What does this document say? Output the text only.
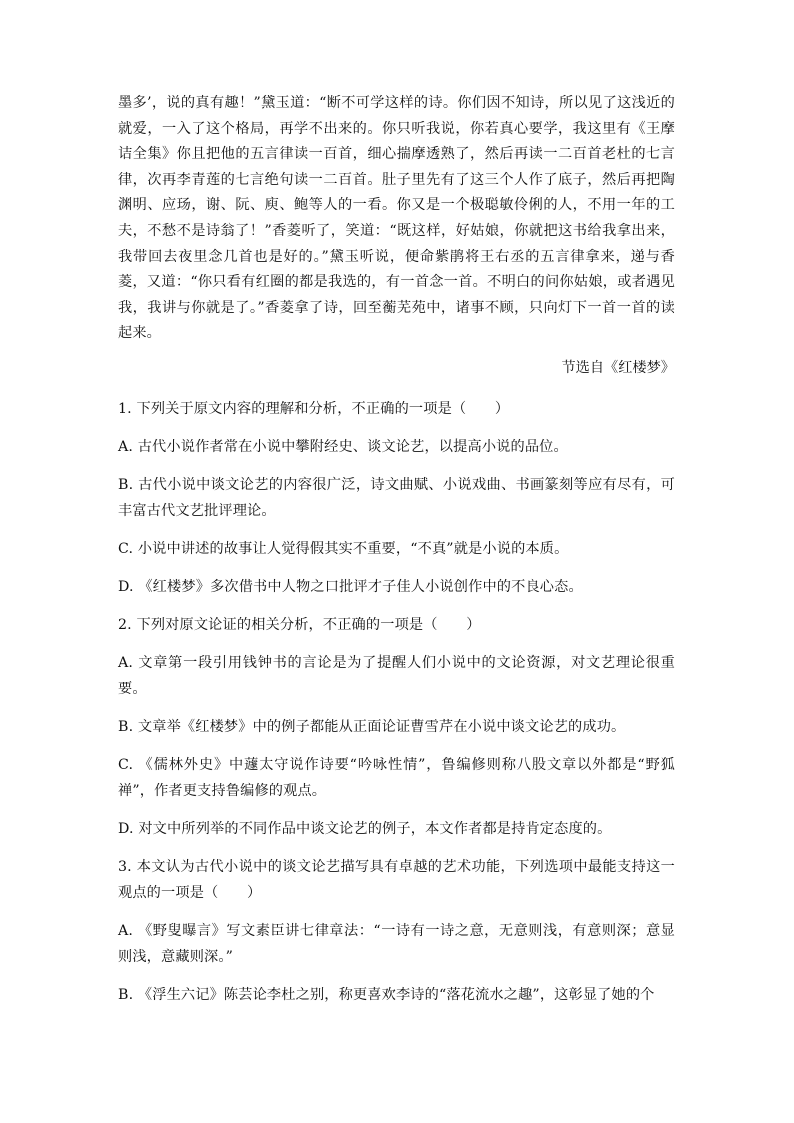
墨多’，说的真有趣！”黛玉道：“断不可学这样的诗。你们因不知诗，所以见了这浅近的就爱，一入了这个格局，再学不出来的。你只听我说，你若真心要学，我这里有《王摩诘全集》你且把他的五言律读一百首，细心揣摩透熟了，然后再读一二百首老杜的七言律，次再李青莲的七言绝句读一二百首。肚子里先有了这三个人作了底子，然后再把陶渊明、应玚，谢、阮、庾、鲍等人的一看。你又是一个极聪敏伶俐的人，不用一年的工夫，不愁不是诗翁了！”香菱听了，笑道：“既这样，好姑娘，你就把这书给我拿出来，我带回去夜里念几首也是好的。”黛玉听说，便命紫鹃将王右丞的五言律拿来，递与香菱，又道：“你只看有红圈的都是我选的，有一首念一首。不明白的问你姑娘，或者遇见我，我讲与你就是了。”香菱拿了诗，回至蘅芜苑中，诸事不顾，只向灯下一首一首的读起来。

节选自《红楼梦》

1. 下列关于原文内容的理解和分析，不正确的一项是（　　）

A. 古代小说作者常在小说中攀附经史、谈文论艺，以提高小说的品位。

B. 古代小说中谈文论艺的内容很广泛，诗文曲赋、小说戏曲、书画篆刻等应有尽有，可丰富古代文艺批评理论。

C. 小说中讲述的故事让人觉得假其实不重要，“不真”就是小说的本质。

D. 《红楼梦》多次借书中人物之口批评才子佳人小说创作中的不良心态。

2. 下列对原文论证的相关分析，不正确的一项是（　　）

A. 文章第一段引用钱钟书的言论是为了提醒人们小说中的文论资源，对文艺理论很重要。

B. 文章举《红楼梦》中的例子都能从正面论证曹雪芹在小说中谈文论艺的成功。

C. 《儒林外史》中蘧太守说作诗要“吟咏性情”，鲁编修则称八股文章以外都是“野狐禅”，作者更支持鲁编修的观点。

D. 对文中所列举的不同作品中谈文论艺的例子，本文作者都是持肯定态度的。

3. 本文认为古代小说中的谈文论艺描写具有卓越的艺术功能，下列选项中最能支持这一观点的一项是（　　）

A. 《野叟曝言》写文素臣讲七律章法：“一诗有一诗之意，无意则浅，有意则深；意显则浅，意藏则深。”

B. 《浮生六记》陈芸论李杜之别，称更喜欢李诗的“落花流水之趣”，这彰显了她的个
